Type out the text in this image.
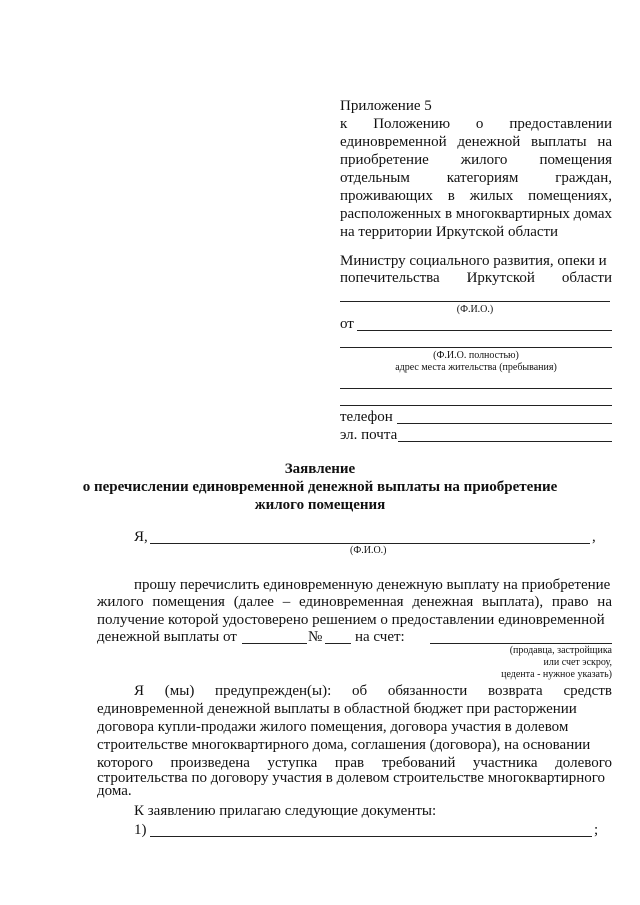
Приложение 5
к Положению о предоставлении
единовременной денежной выплаты на
приобретение жилого помещения
отдельным категориям граждан,
проживающих в жилых помещениях,
расположенных в многоквартирных домах
на территории Иркутской области
Министру социального развития, опеки и
попечительства Иркутской области
(Ф.И.О.)
от
(Ф.И.О. полностью)
адрес места жительства (пребывания)
телефон
эл. почта
Заявление
о перечислении единовременной денежной выплаты на приобретение
жилого помещения
Я,	,
(Ф.И.О.)
прошу перечислить единовременную денежную выплату на приобретение
жилого помещения (далее – единовременная денежная выплата), право на
получение которой удостоверено решением о предоставлении единовременной
денежной выплаты от	№ на счет:
(продавца, застройщика
или счет эскроу,
цедента - нужное указать)
Я (мы) предупрежден(ы): об обязанности возврата средств
единовременной денежной выплаты в областной бюджет при расторжении
договора купли-продажи жилого помещения, договора участия в долевом
строительстве многоквартирного дома, соглашения (договора), на основании
которого произведена уступка прав требований участника долевого
строительства по договору участия в долевом строительстве многоквартирного
дома.
К заявлению прилагаю следующие документы:
1)	;
